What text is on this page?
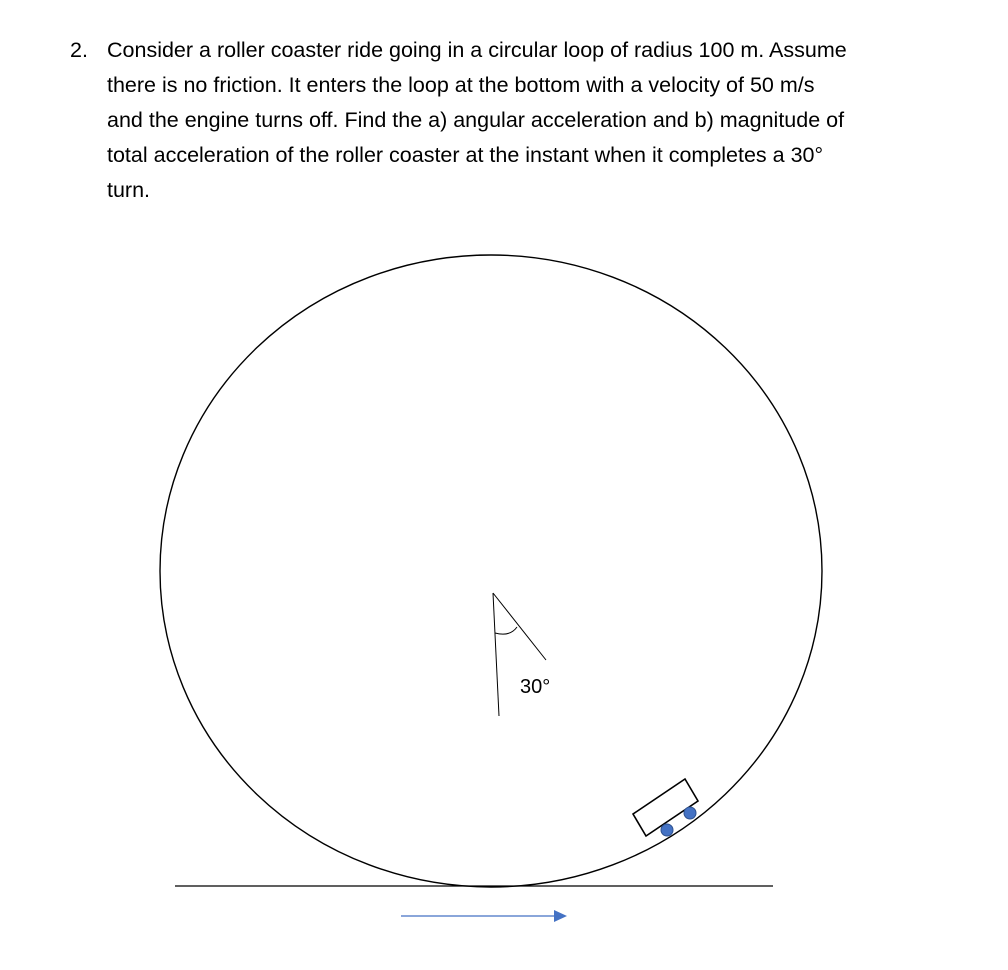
2. Consider a roller coaster ride going in a circular loop of radius 100 m. Assume
there is no friction. It enters the loop at the bottom with a velocity of 50 m/s
and the engine turns off. Find the a) angular acceleration and b) magnitude of
total acceleration of the roller coaster at the instant when it completes a 30°
turn.
30°
